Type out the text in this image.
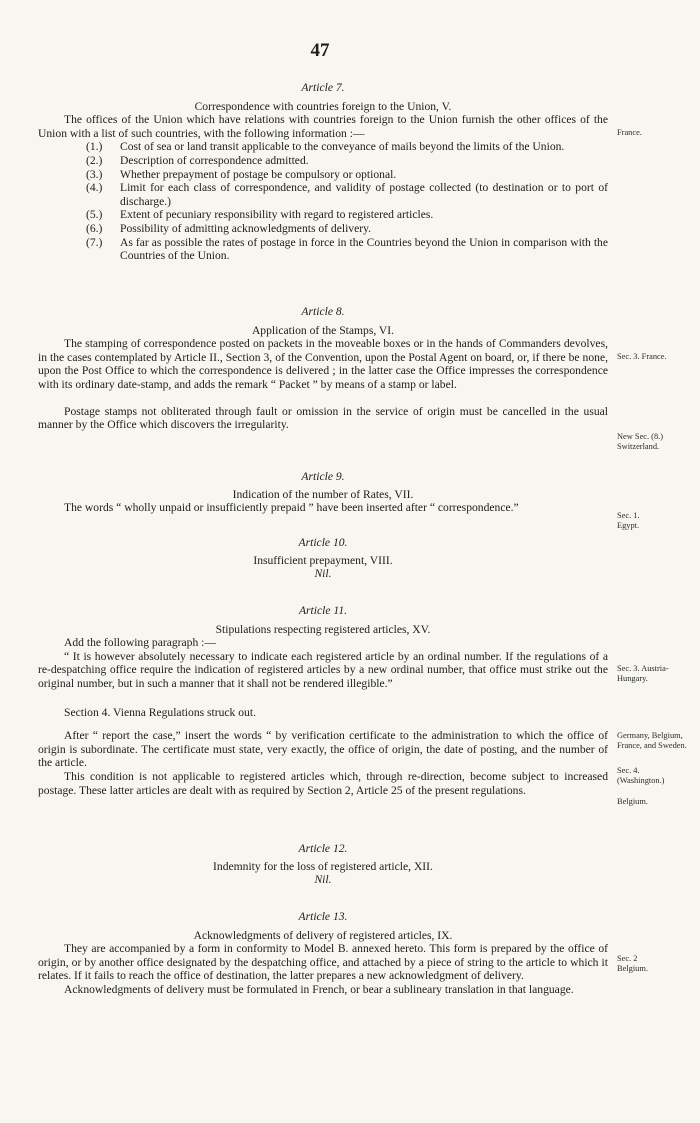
47
Article 7.
Correspondence with countries foreign to the Union, V.

The offices of the Union which have relations with countries foreign to the Union furnish the other offices of the Union with a list of such countries, with the following information :—

(1.) Cost of sea or land transit applicable to the conveyance of mails beyond the limits of the Union.

(2.) Description of correspondence admitted.

(3.) Whether prepayment of postage be compulsory or optional.

(4.) Limit for each class of correspondence, and validity of postage collected (to destination or to port of discharge.)

(5.) Extent of pecuniary responsibility with regard to registered articles.

(6.) Possibility of admitting acknowledgments of delivery.

(7.) As far as possible the rates of postage in force in the Countries beyond the Union in comparison with the Countries of the Union.

Article 8.
Application of the Stamps, VI.

The stamping of correspondence posted on packets in the moveable boxes or in the hands of Commanders devolves, in the cases contemplated by Article II., Section 3, of the Convention, upon the Postal Agent on board, or, if there be none, upon the Post Office to which the correspondence is delivered ; in the latter case the Office impresses the correspondence with its ordinary date-stamp, and adds the remark “ Packet ” by means of a stamp or label.

Postage stamps not obliterated through fault or omission in the service of origin must be cancelled in the usual manner by the Office which discovers the irregularity.

Article 9.
Indication of the number of Rates, VII.

The words “ wholly unpaid or insufficiently prepaid ” have been inserted after “ correspondence.”

Article 10.
Insufficient prepayment, VIII.
Nil.
Article 11.
Stipulations respecting registered articles, XV.

Add the following paragraph :—

“ It is however absolutely necessary to indicate each registered article by an ordinal number. If the regulations of a re-despatching office require the indication of registered articles by a new ordinal number, that office must strike out the original number, but in such a manner that it shall not be rendered illegible.”

Section 4. Vienna Regulations struck out.

After “ report the case,” insert the words “ by verification certificate to the administration to which the office of origin is subordinate. The certificate must state, very exactly, the office of origin, the date of posting, and the number of the article.

This condition is not applicable to registered articles which, through re-direction, become subject to increased postage. These latter articles are dealt with as required by Section 2, Article 25 of the present regulations.

Article 12.
Indemnity for the loss of registered article, XII.
Nil.
Article 13.
Acknowledgments of delivery of registered articles, IX.

They are accompanied by a form in conformity to Model B. annexed hereto. This form is prepared by the office of origin, or by another office designated by the despatching office, and attached by a piece of string to the article to which it relates. If it fails to reach the office of destination, the latter prepares a new acknowledgment of delivery.

Acknowledgments of delivery must be formulated in French, or bear a sublineary translation in that language.

France.
Sec. 3. France.
New Sec. (8.) Switzerland.
Sec. 1. Egypt.
Sec. 3. Austria-Hungary.
Germany, Belgium, France, and Sweden.
Sec. 4. (Washington.)
Belgium.
Sec. 2 Belgium.
